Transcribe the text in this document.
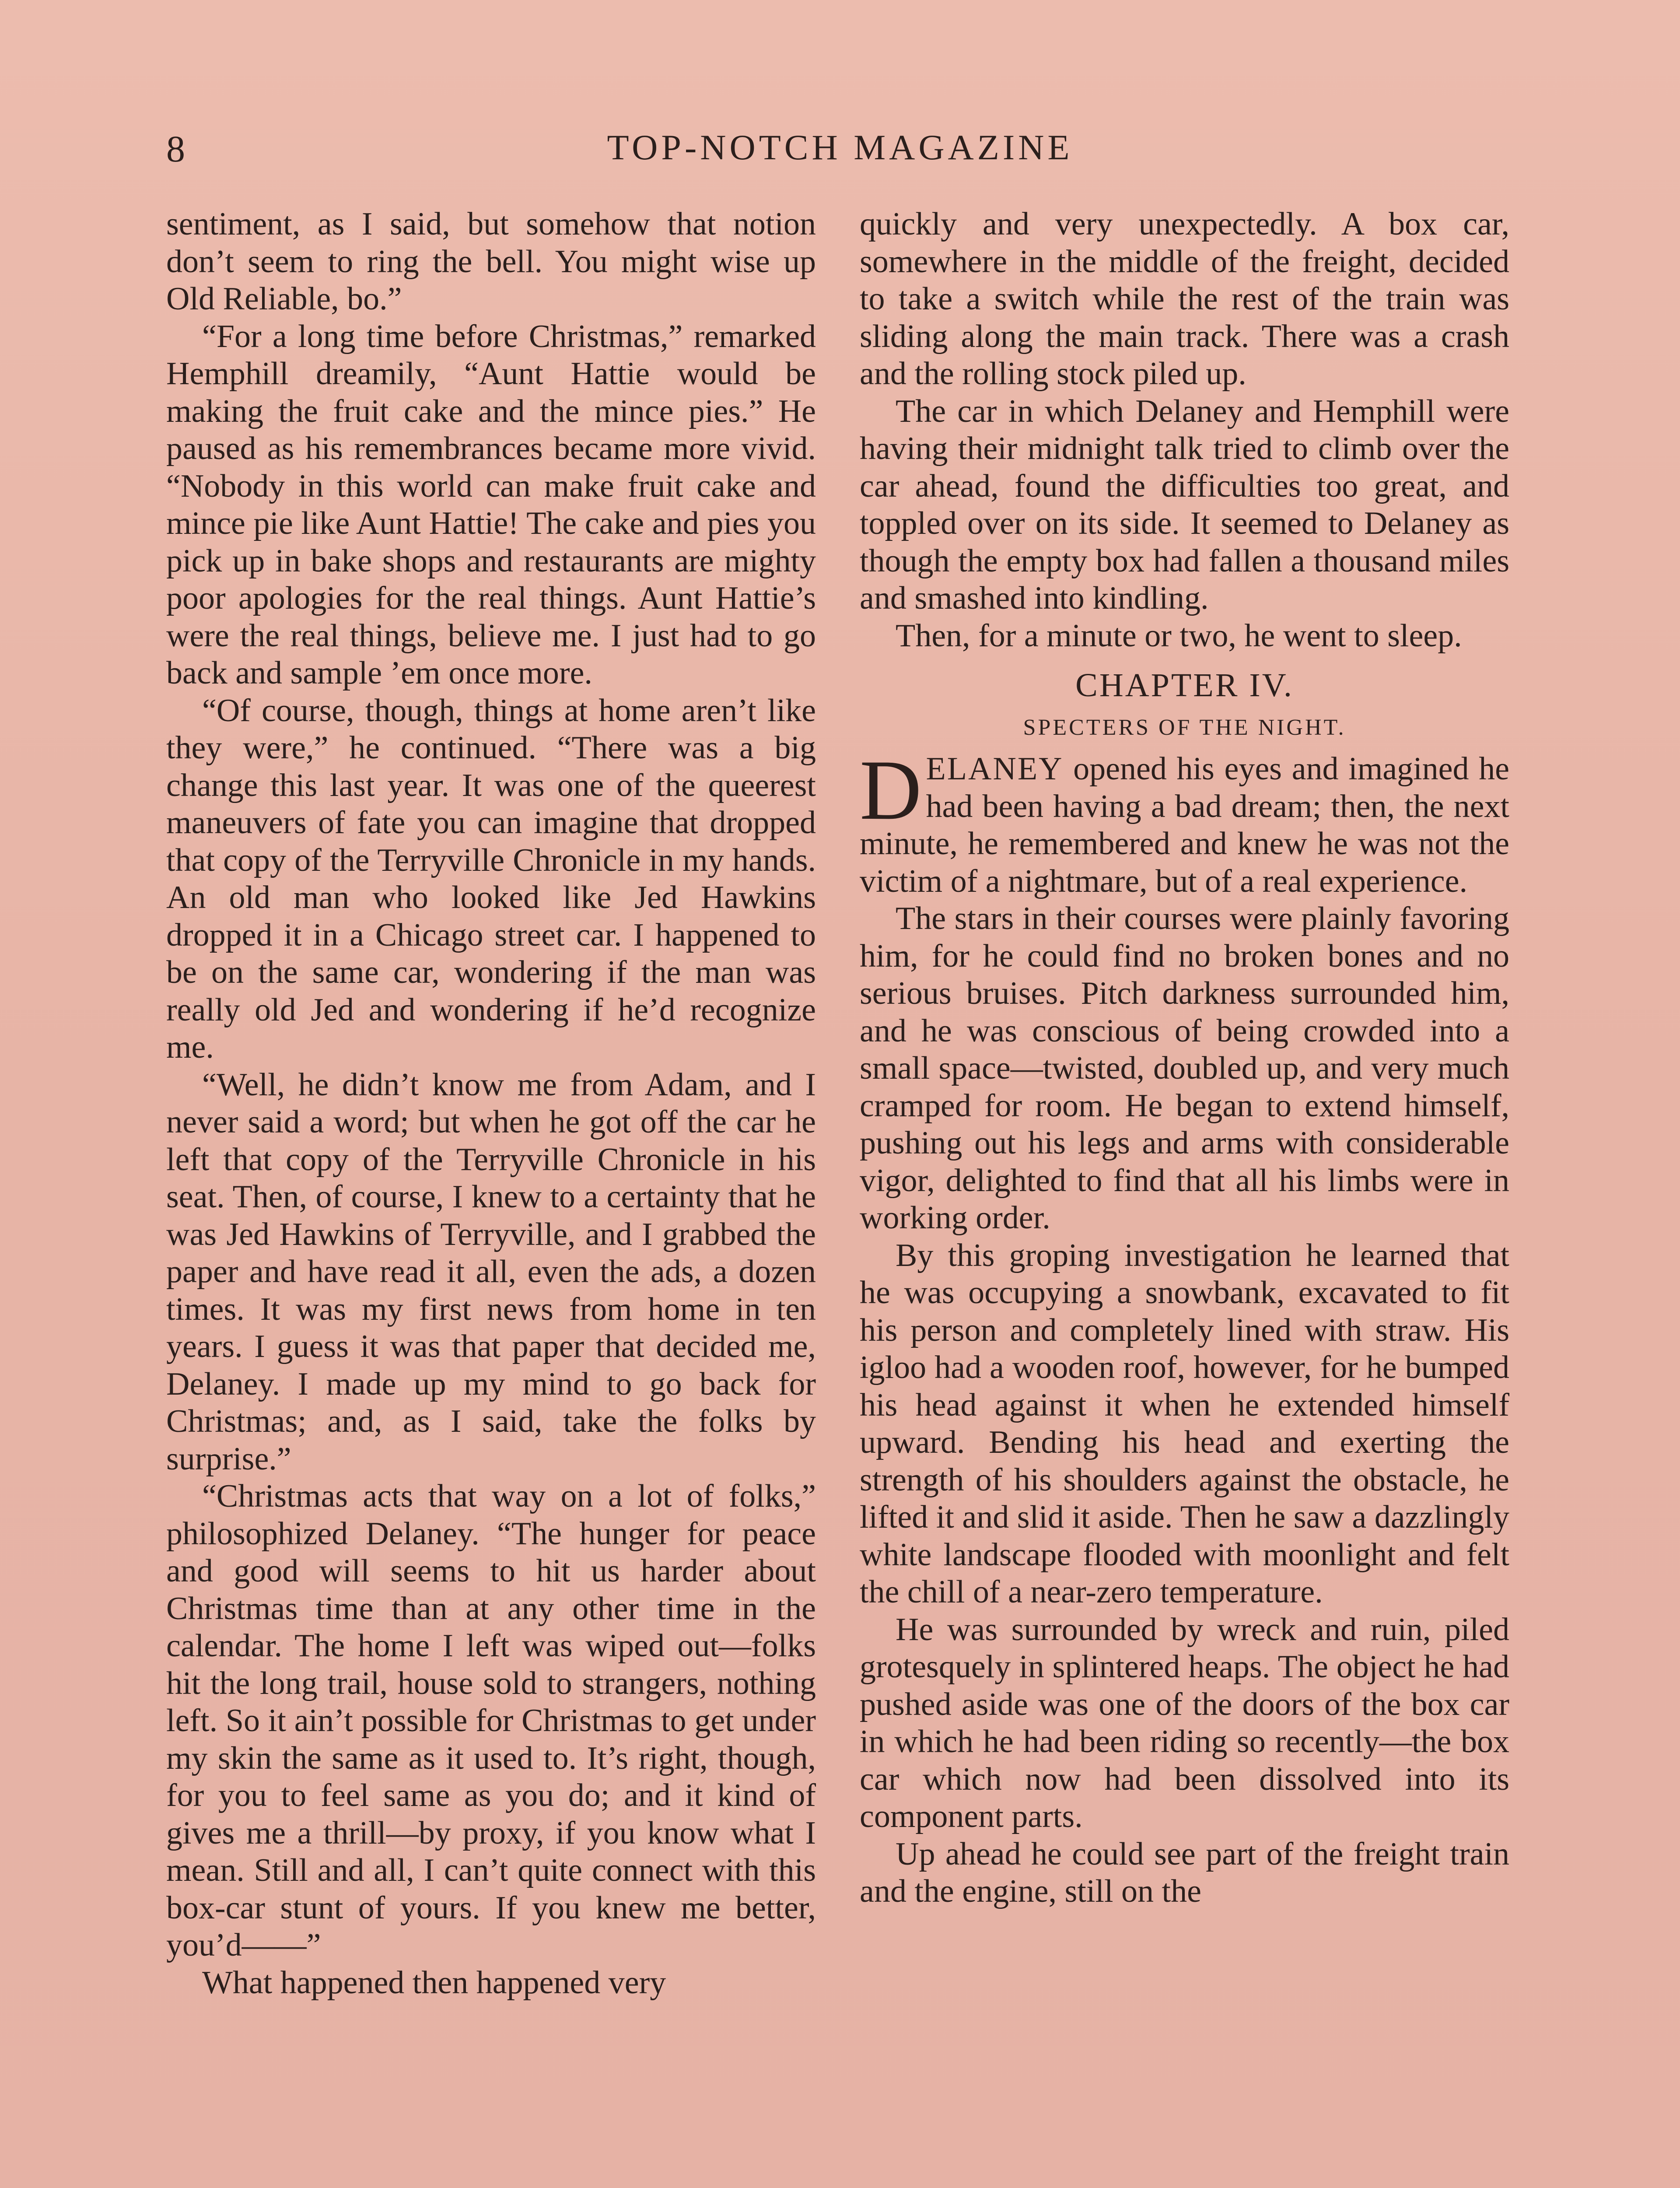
8	TOP-NOTCH MAGAZINE

sentiment, as I said, but somehow that notion don’t seem to ring the bell. You might wise up Old Reliable, bo.”

“For a long time before Christmas,” remarked Hemphill dreamily, “Aunt Hattie would be making the fruit cake and the mince pies.” He paused as his remembrances became more vivid. “Nobody in this world can make fruit cake and mince pie like Aunt Hattie! The cake and pies you pick up in bake shops and restaurants are mighty poor apologies for the real things. Aunt Hattie’s were the real things, believe me. I just had to go back and sample ’em once more.

“Of course, though, things at home aren’t like they were,” he continued. “There was a big change this last year. It was one of the queerest maneuvers of fate you can imagine that dropped that copy of the Terryville Chronicle in my hands. An old man who looked like Jed Hawkins dropped it in a Chicago street car. I happened to be on the same car, wondering if the man was really old Jed and wondering if he’d recognize me.

“Well, he didn’t know me from Adam, and I never said a word; but when he got off the car he left that copy of the Terryville Chronicle in his seat. Then, of course, I knew to a certainty that he was Jed Hawkins of Terryville, and I grabbed the paper and have read it all, even the ads, a dozen times. It was my first news from home in ten years. I guess it was that paper that decided me, Delaney. I made up my mind to go back for Christmas; and, as I said, take the folks by surprise.”

“Christmas acts that way on a lot of folks,” philosophized Delaney. “The hunger for peace and good will seems to hit us harder about Christmas time than at any other time in the calendar. The home I left was wiped out—folks hit the long trail, house sold to strangers, nothing left. So it ain’t possible for Christmas to get under my skin the same as it used to. It’s right, though, for you to feel same as you do; and it kind of gives me a thrill—by proxy, if you know what I mean. Still and all, I can’t quite connect with this box-car stunt of yours. If you knew me better, you’d——”

What happened then happened very

quickly and very unexpectedly. A box car, somewhere in the middle of the freight, decided to take a switch while the rest of the train was sliding along the main track. There was a crash and the rolling stock piled up.

The car in which Delaney and Hemphill were having their midnight talk tried to climb over the car ahead, found the difficulties too great, and toppled over on its side. It seemed to Delaney as though the empty box had fallen a thousand miles and smashed into kindling.

Then, for a minute or two, he went to sleep.

CHAPTER IV.
SPECTERS OF THE NIGHT.

DELANEY opened his eyes and imagined he had been having a bad dream; then, the next minute, he remembered and knew he was not the victim of a nightmare, but of a real experience.

The stars in their courses were plainly favoring him, for he could find no broken bones and no serious bruises. Pitch darkness surrounded him, and he was conscious of being crowded into a small space—twisted, doubled up, and very much cramped for room. He began to extend himself, pushing out his legs and arms with considerable vigor, delighted to find that all his limbs were in working order.

By this groping investigation he learned that he was occupying a snowbank, excavated to fit his person and completely lined with straw. His igloo had a wooden roof, however, for he bumped his head against it when he extended himself upward. Bending his head and exerting the strength of his shoulders against the obstacle, he lifted it and slid it aside. Then he saw a dazzlingly white landscape flooded with moonlight and felt the chill of a near-zero temperature.

He was surrounded by wreck and ruin, piled grotesquely in splintered heaps. The object he had pushed aside was one of the doors of the box car in which he had been riding so recently—the box car which now had been dissolved into its component parts.

Up ahead he could see part of the freight train and the engine, still on the
